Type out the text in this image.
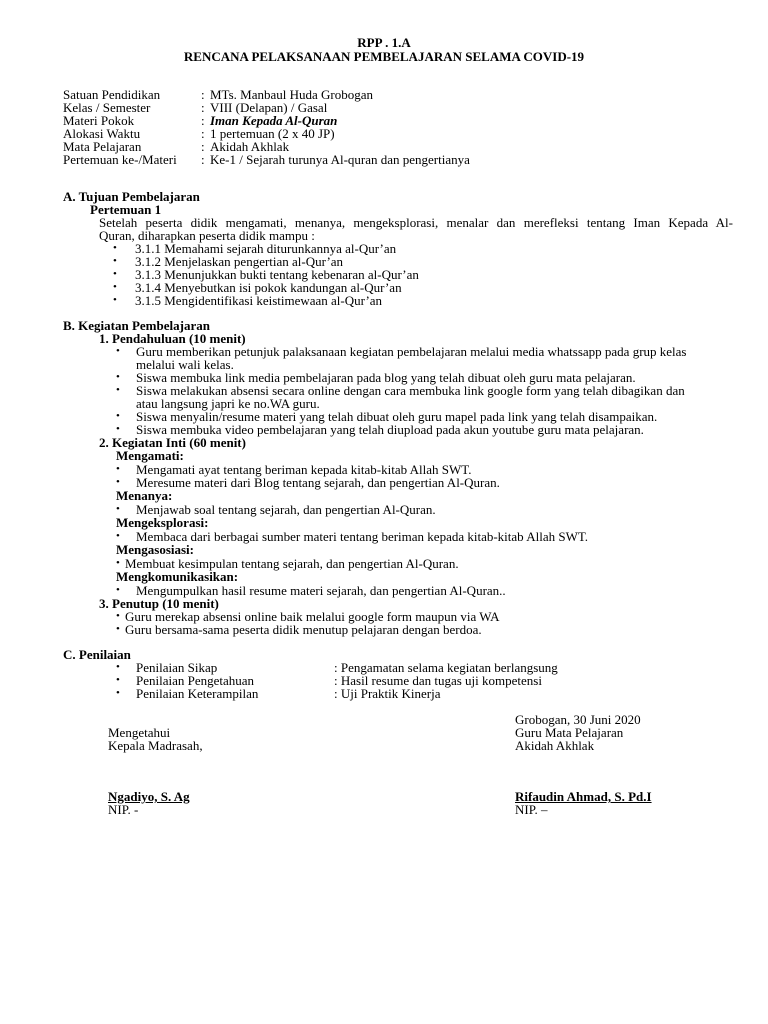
RPP . 1.A
RENCANA PELAKSANAAN PEMBELAJARAN SELAMA COVID-19
Satuan Pendidikan	: MTs. Manbaul Huda Grobogan
Kelas / Semester	: VIII (Delapan) / Gasal
Materi Pokok	: Iman Kepada Al-Quran
Alokasi Waktu	: 1 pertemuan (2 x 40 JP)
Mata Pelajaran	: Akidah Akhlak
Pertemuan ke-/Materi : Ke-1 / Sejarah turunya Al-quran dan pengertianya
A. Tujuan Pembelajaran
Pertemuan 1
Setelah peserta didik mengamati, menanya, mengeksplorasi, menalar dan merefleksi tentang Iman Kepada Al-
Quran, diharapkan peserta didik mampu :
• 3.1.1 Memahami sejarah diturunkannya al-Qur’an
• 3.1.2 Menjelaskan pengertian al-Qur’an
• 3.1.3 Menunjukkan bukti tentang kebenaran al-Qur’an
• 3.1.4 Menyebutkan isi pokok kandungan al-Qur’an
• 3.1.5 Mengidentifikasi keistimewaan al-Qur’an
B. Kegiatan Pembelajaran
1. Pendahuluan (10 menit)
• Guru memberikan petunjuk palaksanaan kegiatan pembelajaran melalui media whatssapp pada grup kelas
melalui wali kelas.
• Siswa membuka link media pembelajaran pada blog yang telah dibuat oleh guru mata pelajaran.
• Siswa melakukan absensi secara online dengan cara membuka link google form yang telah dibagikan dan
atau langsung japri ke no.WA guru.
• Siswa menyalin/resume materi yang telah dibuat oleh guru mapel pada link yang telah disampaikan.
• Siswa membuka video pembelajaran yang telah diupload pada akun youtube guru mata pelajaran.
2. Kegiatan Inti (60 menit)
Mengamati:
• Mengamati ayat tentang beriman kepada kitab-kitab Allah SWT.
• Meresume materi dari Blog tentang sejarah, dan pengertian Al-Quran.
Menanya:
• Menjawab soal tentang sejarah, dan pengertian Al-Quran.
Mengeksplorasi:
• Membaca dari berbagai sumber materi tentang beriman kepada kitab-kitab Allah SWT.
Mengasosiasi:
• Membuat kesimpulan tentang sejarah, dan pengertian Al-Quran.
Mengkomunikasikan:
• Mengumpulkan hasil resume materi sejarah, dan pengertian Al-Quran..
3. Penutup (10 menit)
• Guru merekap absensi online baik melalui google form maupun via WA
• Guru bersama-sama peserta didik menutup pelajaran dengan berdoa.
C. Penilaian
• Penilaian Sikap	: Pengamatan selama kegiatan berlangsung
• Penilaian Pengetahuan	: Hasil resume dan tugas uji kompetensi
• Penilaian Keterampilan	: Uji Praktik Kinerja
Grobogan, 30 Juni 2020
Mengetahui	Guru Mata Pelajaran
Kepala Madrasah,	Akidah Akhlak
Ngadiyo, S. Ag	Rifaudin Ahmad, S. Pd.I
NIP. -	NIP. –
